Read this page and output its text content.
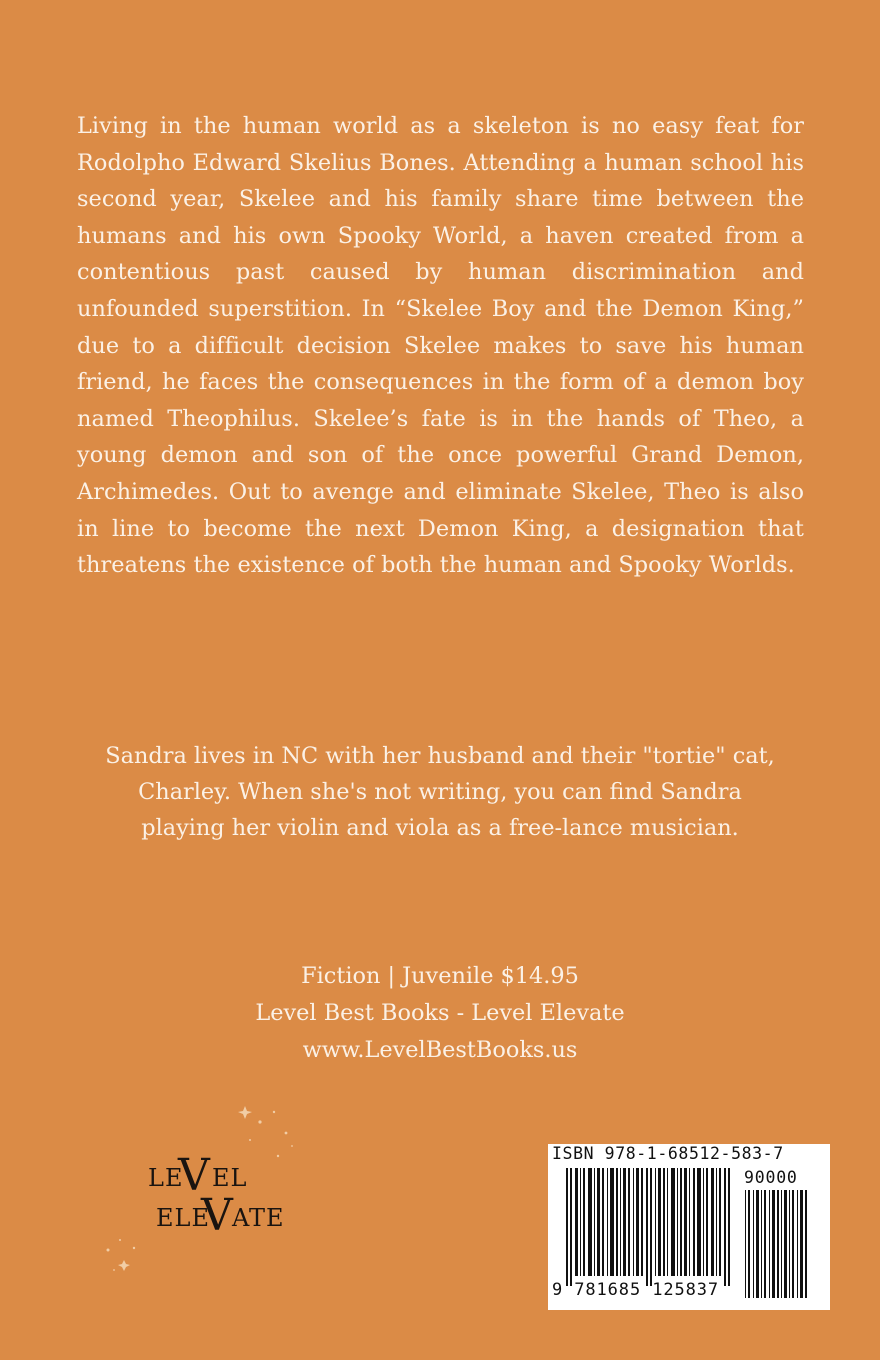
Living in the human world as a skeleton is no easy feat for Rodolpho Edward Skelius Bones. Attending a human school his second year, Skelee and his family share time between the humans and his own Spooky World, a haven created from a contentious past caused by human discrimination and unfounded superstition. In “Skelee Boy and the Demon King,” due to a difficult decision Skelee makes to save his human friend, he faces the consequences in the form of a demon boy named Theophilus. Skelee’s fate is in the hands of Theo, a young demon and son of the once powerful Grand Demon, Archimedes. Out to avenge and eliminate Skelee, Theo is also in line to become the next Demon King, a designation that threatens the existence of both the human and Spooky Worlds.
Sandra lives in NC with her husband and their "tortie" cat,
Charley. When she's not writing, you can find Sandra
playing her violin and viola as a free-lance musician.
Fiction | Juvenile $14.95
Level Best Books - Level Elevate
www.LevelBestBooks.us
LE
V EL
ELE
V ATE
ISBN 978-1-68512-583-7
90000
9 781685 125837
